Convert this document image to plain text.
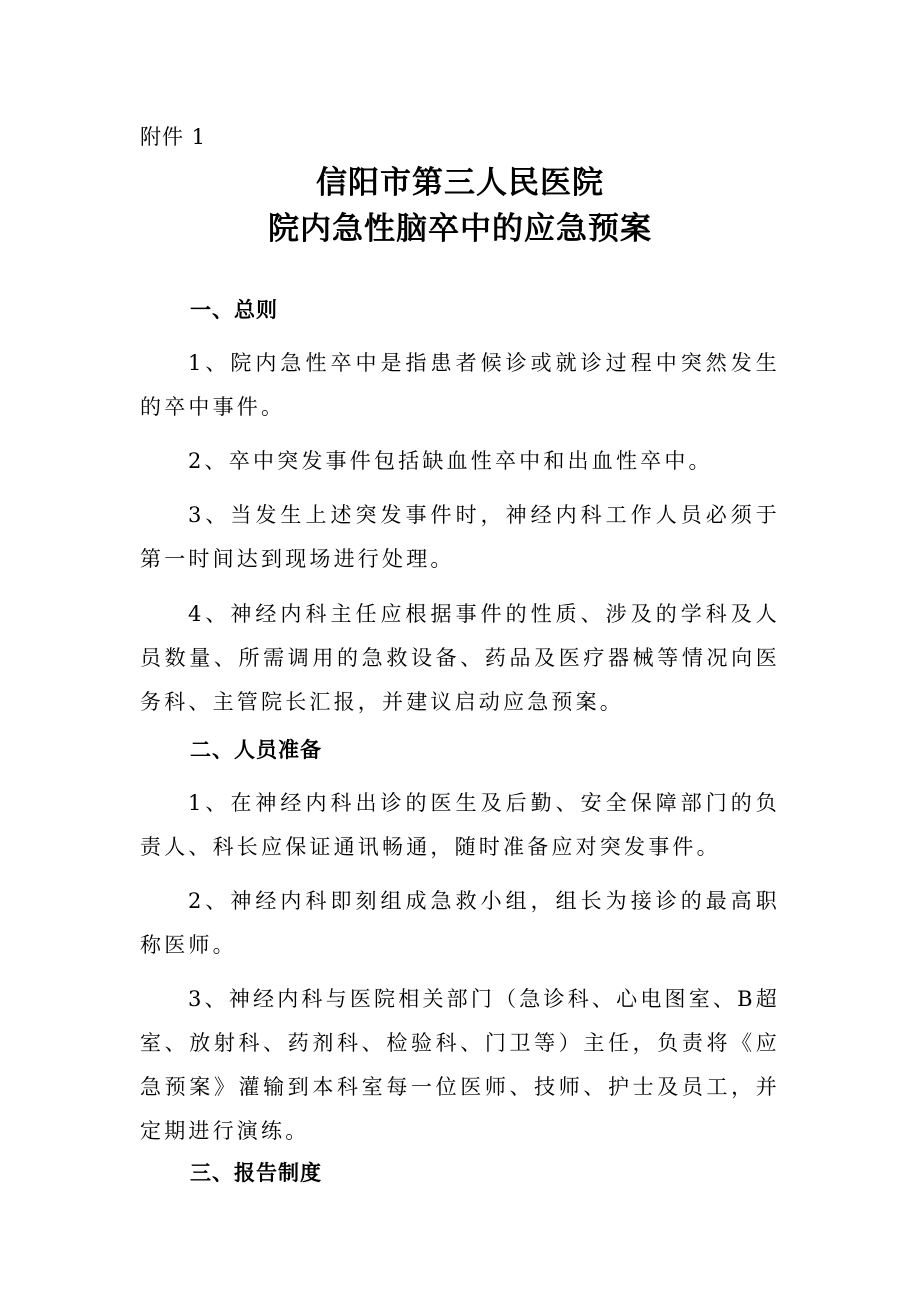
附件 1
信阳市第三人民医院
院内急性脑卒中的应急预案
一、总则

1、院内急性卒中是指患者候诊或就诊过程中突然发生的卒中事件。

2、卒中突发事件包括缺血性卒中和出血性卒中。

3、当发生上述突发事件时，神经内科工作人员必须于第一时间达到现场进行处理。

4、神经内科主任应根据事件的性质、涉及的学科及人员数量、所需调用的急救设备、药品及医疗器械等情况向医务科、主管院长汇报，并建议启动应急预案。

二、人员准备

1、在神经内科出诊的医生及后勤、安全保障部门的负责人、科长应保证通讯畅通，随时准备应对突发事件。

2、神经内科即刻组成急救小组，组长为接诊的最高职称医师。

3、神经内科与医院相关部门（急诊科、心电图室、B超室、放射科、药剂科、检验科、门卫等）主任，负责将《应急预案》灌输到本科室每一位医师、技师、护士及员工，并定期进行演练。

三、报告制度
